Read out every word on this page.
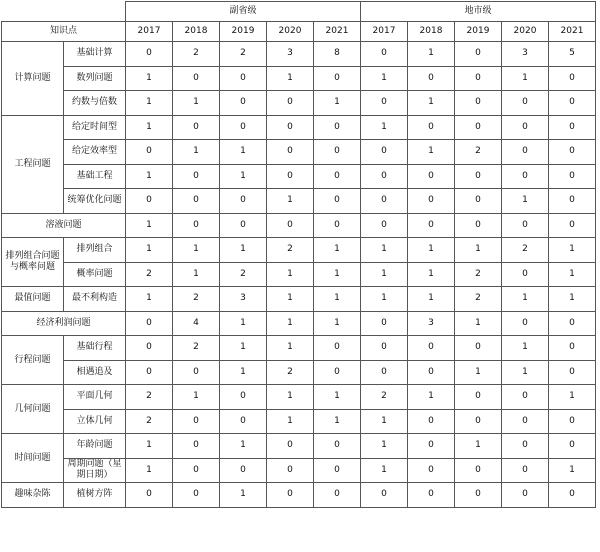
		副省级					地市级				
知识点		2017	2018	2019	2020	2021	2017	2018	2019	2020	2021
计算问题	基础计算	0	2	2	3	8	0	1	0	3	5
	数列问题	1	0	0	1	0	1	0	0	1	0
	约数与倍数	1	1	0	0	1	0	1	0	0	0
工程问题	给定时间型	1	0	0	0	0	1	0	0	0	0
	给定效率型	0	1	1	0	0	0	1	2	0	0
	基础工程	1	0	1	0	0	0	0	0	0	0
	统筹优化问题	0	0	0	1	0	0	0	0	1	0
溶液问题		1	0	0	0	0	0	0	0	0	0
排列组合问题与概率问题	排列组合	1	1	1	2	1	1	1	1	2	1
	概率问题	2	1	2	1	1	1	1	2	0	1
最值问题	最不利构造	1	2	3	1	1	1	1	2	1	1
经济利润问题		0	4	1	1	1	0	3	1	0	0
行程问题	基础行程	0	2	1	1	0	0	0	0	1	0
	相遇追及	0	0	1	2	0	0	0	1	1	0
几何问题	平面几何	2	1	0	1	1	2	1	0	0	1
	立体几何	2	0	0	1	1	1	0	0	0	0
时间问题	年龄问题	1	0	1	0	0	1	0	1	0	0
	周期问题（星期日期）	1	0	0	0	0	1	0	0	0	1
趣味杂陈	植树方阵	0	0	1	0	0	0	0	0	0	0
